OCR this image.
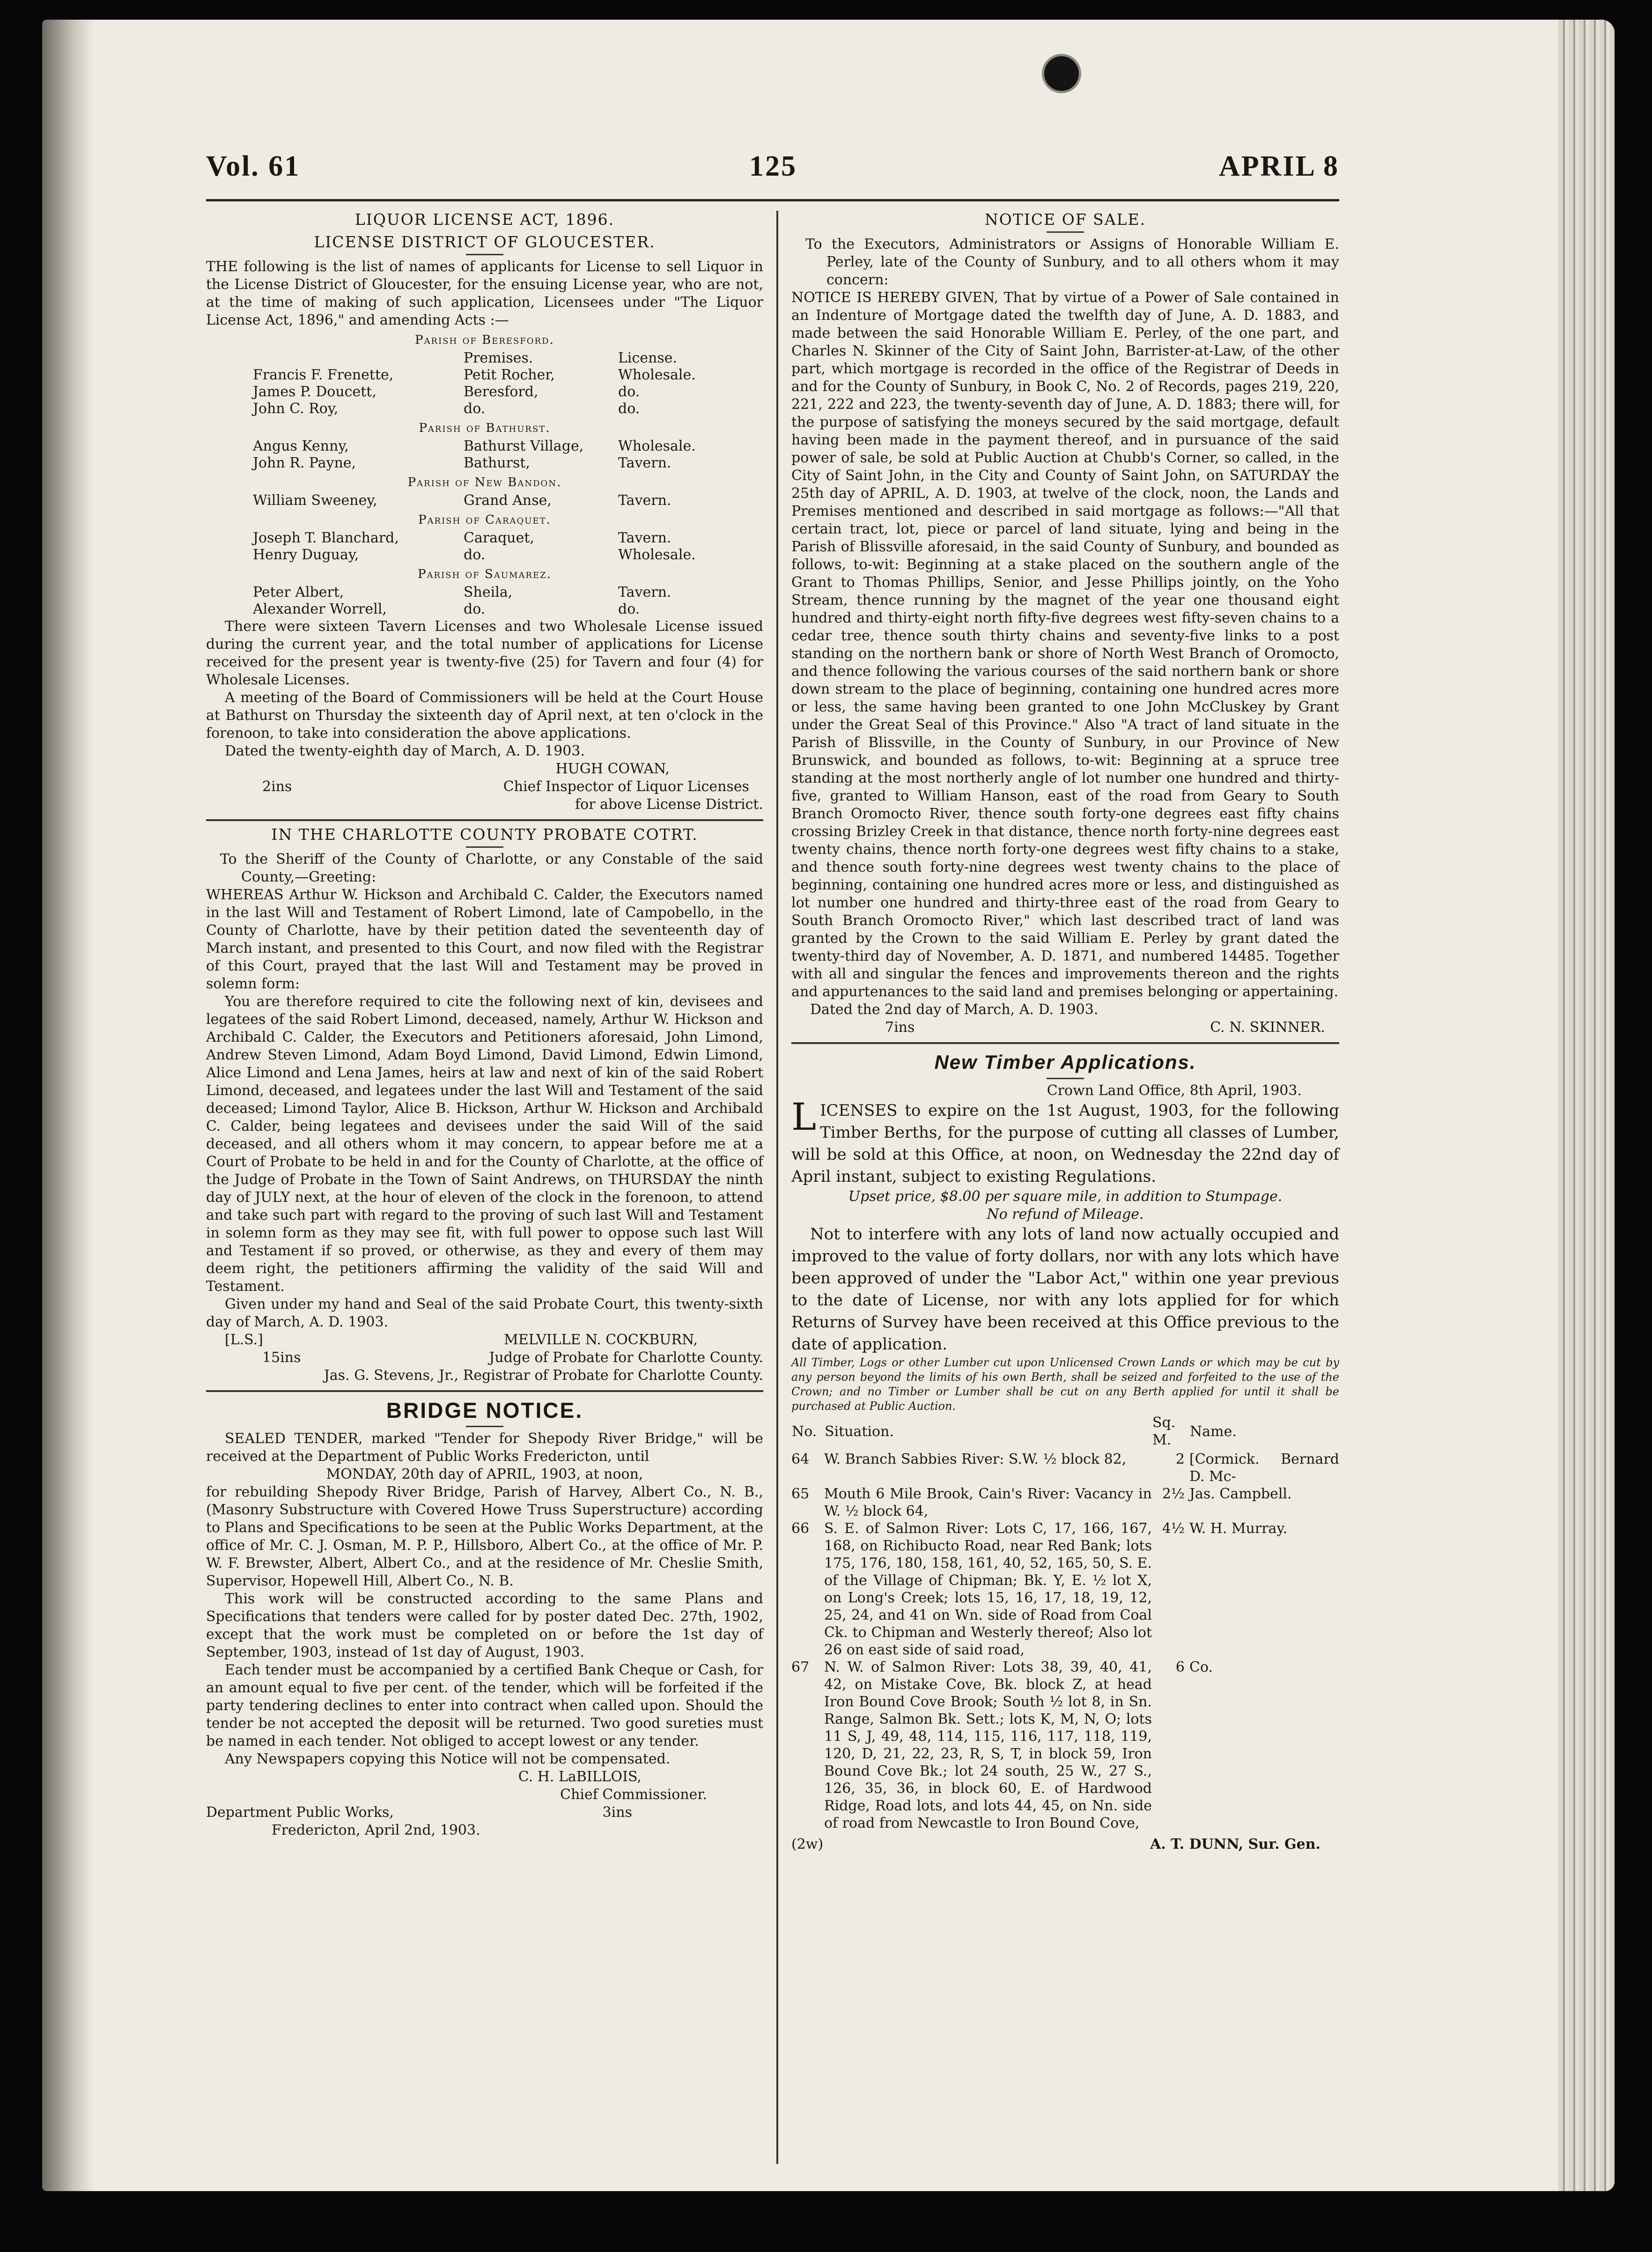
Vol. 61	125	APRIL 8
LIQUOR LICENSE ACT, 1896.
LICENSE DISTRICT OF GLOUCESTER.

THE following is the list of names of applicants for License to sell Liquor in the License District of Gloucester, for the ensuing License year, who are not, at the time of making of such application, Licensees under "The Liquor License Act, 1896," and amending Acts :—

Parish of Beresford.
	Premises.	License.
Francis F. Frenette,	Petit Rocher,	Wholesale.
James P. Doucett,	Beresford,	do.
John C. Roy,	do.	do.
Parish of Bathurst.
Angus Kenny,	Bathurst Village,	Wholesale.
John R. Payne,	Bathurst,	Tavern.
Parish of New Bandon.
William Sweeney,	Grand Anse,	Tavern.
Parish of Caraquet.
Joseph T. Blanchard,	Caraquet,	Tavern.
Henry Duguay,	do.	Wholesale.
Parish of Saumarez.
Peter Albert,	Sheila,	Tavern.
Alexander Worrell,	do.	do.

There were sixteen Tavern Licenses and two Wholesale License issued during the current year, and the total number of applications for License received for the present year is twenty-five (25) for Tavern and four (4) for Wholesale Licenses.

A meeting of the Board of Commissioners will be held at the Court House at Bathurst on Thursday the sixteenth day of April next, at ten o'clock in the forenoon, to take into consideration the above applications.

Dated the twenty-eighth day of March, A. D. 1903.

HUGH COWAN,
2ins	Chief Inspector of Liquor Licenses
for above License District.
IN THE CHARLOTTE COUNTY PROBATE COTRT.

To the Sheriff of the County of Charlotte, or any Constable of the said County,—Greeting:

WHEREAS Arthur W. Hickson and Archibald C. Calder, the Executors named in the last Will and Testament of Robert Limond, late of Campobello, in the County of Charlotte, have by their petition dated the seventeenth day of March instant, and presented to this Court, and now filed with the Registrar of this Court, prayed that the last Will and Testament may be proved in solemn form:

You are therefore required to cite the following next of kin, devisees and legatees of the said Robert Limond, deceased, namely, Arthur W. Hickson and Archibald C. Calder, the Executors and Petitioners aforesaid, John Limond, Andrew Steven Limond, Adam Boyd Limond, David Limond, Edwin Limond, Alice Limond and Lena James, heirs at law and next of kin of the said Robert Limond, deceased, and legatees under the last Will and Testament of the said deceased; Limond Taylor, Alice B. Hickson, Arthur W. Hickson and Archibald C. Calder, being legatees and devisees under the said Will of the said deceased, and all others whom it may concern, to appear before me at a Court of Probate to be held in and for the County of Charlotte, at the office of the Judge of Probate in the Town of Saint Andrews, on THURSDAY the ninth day of JULY next, at the hour of eleven of the clock in the forenoon, to attend and take such part with regard to the proving of such last Will and Testament in solemn form as they may see fit, with full power to oppose such last Will and Testament if so proved, or otherwise, as they and every of them may deem right, the petitioners affirming the validity of the said Will and Testament.

Given under my hand and Seal of the said Probate Court, this twenty-sixth day of March, A. D. 1903.

[L.S.]	MELVILLE N. COCKBURN,
15ins	Judge of Probate for Charlotte County.
Jas. G. Stevens, Jr., Registrar of Probate for Charlotte County.
BRIDGE NOTICE.

SEALED TENDER, marked "Tender for Shepody River Bridge," will be received at the Department of Public Works Fredericton, until

MONDAY, 20th day of APRIL, 1903, at noon,

for rebuilding Shepody River Bridge, Parish of Harvey, Albert Co., N. B., (Masonry Substructure with Covered Howe Truss Superstructure) according to Plans and Specifications to be seen at the Public Works Department, at the office of Mr. C. J. Osman, M. P. P., Hillsboro, Albert Co., at the office of Mr. P. W. F. Brewster, Albert, Albert Co., and at the residence of Mr. Cheslie Smith, Supervisor, Hopewell Hill, Albert Co., N. B.

This work will be constructed according to the same Plans and Specifications that tenders were called for by poster dated Dec. 27th, 1902, except that the work must be completed on or before the 1st day of September, 1903, instead of 1st day of August, 1903.

Each tender must be accompanied by a certified Bank Cheque or Cash, for an amount equal to five per cent. of the tender, which will be forfeited if the party tendering declines to enter into contract when called upon. Should the tender be not accepted the deposit will be returned. Two good sureties must be named in each tender. Not obliged to accept lowest or any tender.

Any Newspapers copying this Notice will not be compensated.

C. H. LaBILLOIS,
Chief Commissioner.
Department Public Works,	3ins
Fredericton, April 2nd, 1903.
NOTICE OF SALE.

To the Executors, Administrators or Assigns of Honorable William E. Perley, late of the County of Sunbury, and to all others whom it may concern:

NOTICE IS HEREBY GIVEN, That by virtue of a Power of Sale contained in an Indenture of Mortgage dated the twelfth day of June, A. D. 1883, and made between the said Honorable William E. Perley, of the one part, and Charles N. Skinner of the City of Saint John, Barrister-at-Law, of the other part, which mortgage is recorded in the office of the Registrar of Deeds in and for the County of Sunbury, in Book C, No. 2 of Records, pages 219, 220, 221, 222 and 223, the twenty-seventh day of June, A. D. 1883; there will, for the purpose of satisfying the moneys secured by the said mortgage, default having been made in the payment thereof, and in pursuance of the said power of sale, be sold at Public Auction at Chubb's Corner, so called, in the City of Saint John, in the City and County of Saint John, on SATURDAY the 25th day of APRIL, A. D. 1903, at twelve of the clock, noon, the Lands and Premises mentioned and described in said mortgage as follows:—"All that certain tract, lot, piece or parcel of land situate, lying and being in the Parish of Blissville aforesaid, in the said County of Sunbury, and bounded as follows, to-wit: Beginning at a stake placed on the southern angle of the Grant to Thomas Phillips, Senior, and Jesse Phillips jointly, on the Yoho Stream, thence running by the magnet of the year one thousand eight hundred and thirty-eight north fifty-five degrees west fifty-seven chains to a cedar tree, thence south thirty chains and seventy-five links to a post standing on the northern bank or shore of North West Branch of Oromocto, and thence following the various courses of the said northern bank or shore down stream to the place of beginning, containing one hundred acres more or less, the same having been granted to one John McCluskey by Grant under the Great Seal of this Province." Also "A tract of land situate in the Parish of Blissville, in the County of Sunbury, in our Province of New Brunswick, and bounded as follows, to-wit: Beginning at a spruce tree standing at the most northerly angle of lot number one hundred and thirty-five, granted to William Hanson, east of the road from Geary to South Branch Oromocto River, thence south forty-one degrees east fifty chains crossing Brizley Creek in that distance, thence north forty-nine degrees east twenty chains, thence north forty-one degrees west fifty chains to a stake, and thence south forty-nine degrees west twenty chains to the place of beginning, containing one hundred acres more or less, and distinguished as lot number one hundred and thirty-three east of the road from Geary to South Branch Oromocto River," which last described tract of land was granted by the Crown to the said William E. Perley by grant dated the twenty-third day of November, A. D. 1871, and numbered 14485. Together with all and singular the fences and improvements thereon and the rights and appurtenances to the said land and premises belonging or appertaining.

Dated the 2nd day of March, A. D. 1903.

7ins	C. N. SKINNER.
New Timber Applications.
Crown Land Office, 8th April, 1903.

LICENSES to expire on the 1st August, 1903, for the following Timber Berths, for the purpose of cutting all classes of Lumber, will be sold at this Office, at noon, on Wednesday the 22nd day of April instant, subject to existing Regulations.

Upset price, $8.00 per square mile, in addition to Stumpage.
No refund of Mileage.

Not to interfere with any lots of land now actually occupied and improved to the value of forty dollars, nor with any lots which have been approved of under the "Labor Act," within one year previous to the date of License, nor with any lots applied for for which Returns of Survey have been received at this Office previous to the date of application.

All Timber, Logs or other Lumber cut upon Unlicensed Crown Lands or which may be cut by any person beyond the limits of his own Berth, shall be seized and forfeited to the use of the Crown; and no Timber or Lumber shall be cut on any Berth applied for until it shall be purchased at Public Auction.

No.	Situation.	Sq. M.	Name.
64	W. Branch Sabbies River: S.W. ½ block 82,	2	[Cormick. Bernard D. Mc-
65	Mouth 6 Mile Brook, Cain's River: Vacancy in W. ½ block 64,	2½	Jas. Campbell.
66	S. E. of Salmon River: Lots C, 17, 166, 167, 168, on Richibucto Road, near Red Bank; lots 175, 176, 180, 158, 161, 40, 52, 165, 50, S. E. of the Village of Chipman; Bk. Y, E. ½ lot X, on Long's Creek; lots 15, 16, 17, 18, 19, 12, 25, 24, and 41 on Wn. side of Road from Coal Ck. to Chipman and Westerly thereof; Also lot 26 on east side of said road,	4½	W. H. Murray.
67	N. W. of Salmon River: Lots 38, 39, 40, 41, 42, on Mistake Cove, Bk. block Z, at head Iron Bound Cove Brook; South ½ lot 8, in Sn. Range, Salmon Bk. Sett.; lots K, M, N, O; lots 11 S, J, 49, 48, 114, 115, 116, 117, 118, 119, 120, D, 21, 22, 23, R, S, T, in block 59, Iron Bound Cove Bk.; lot 24 south, 25 W., 27 S., 126, 35, 36, in block 60, E. of Hardwood Ridge, Road lots, and lots 44, 45, on Nn. side of road from Newcastle to Iron Bound Cove,	6	Co.
(2w)	A. T. DUNN, Sur. Gen.
